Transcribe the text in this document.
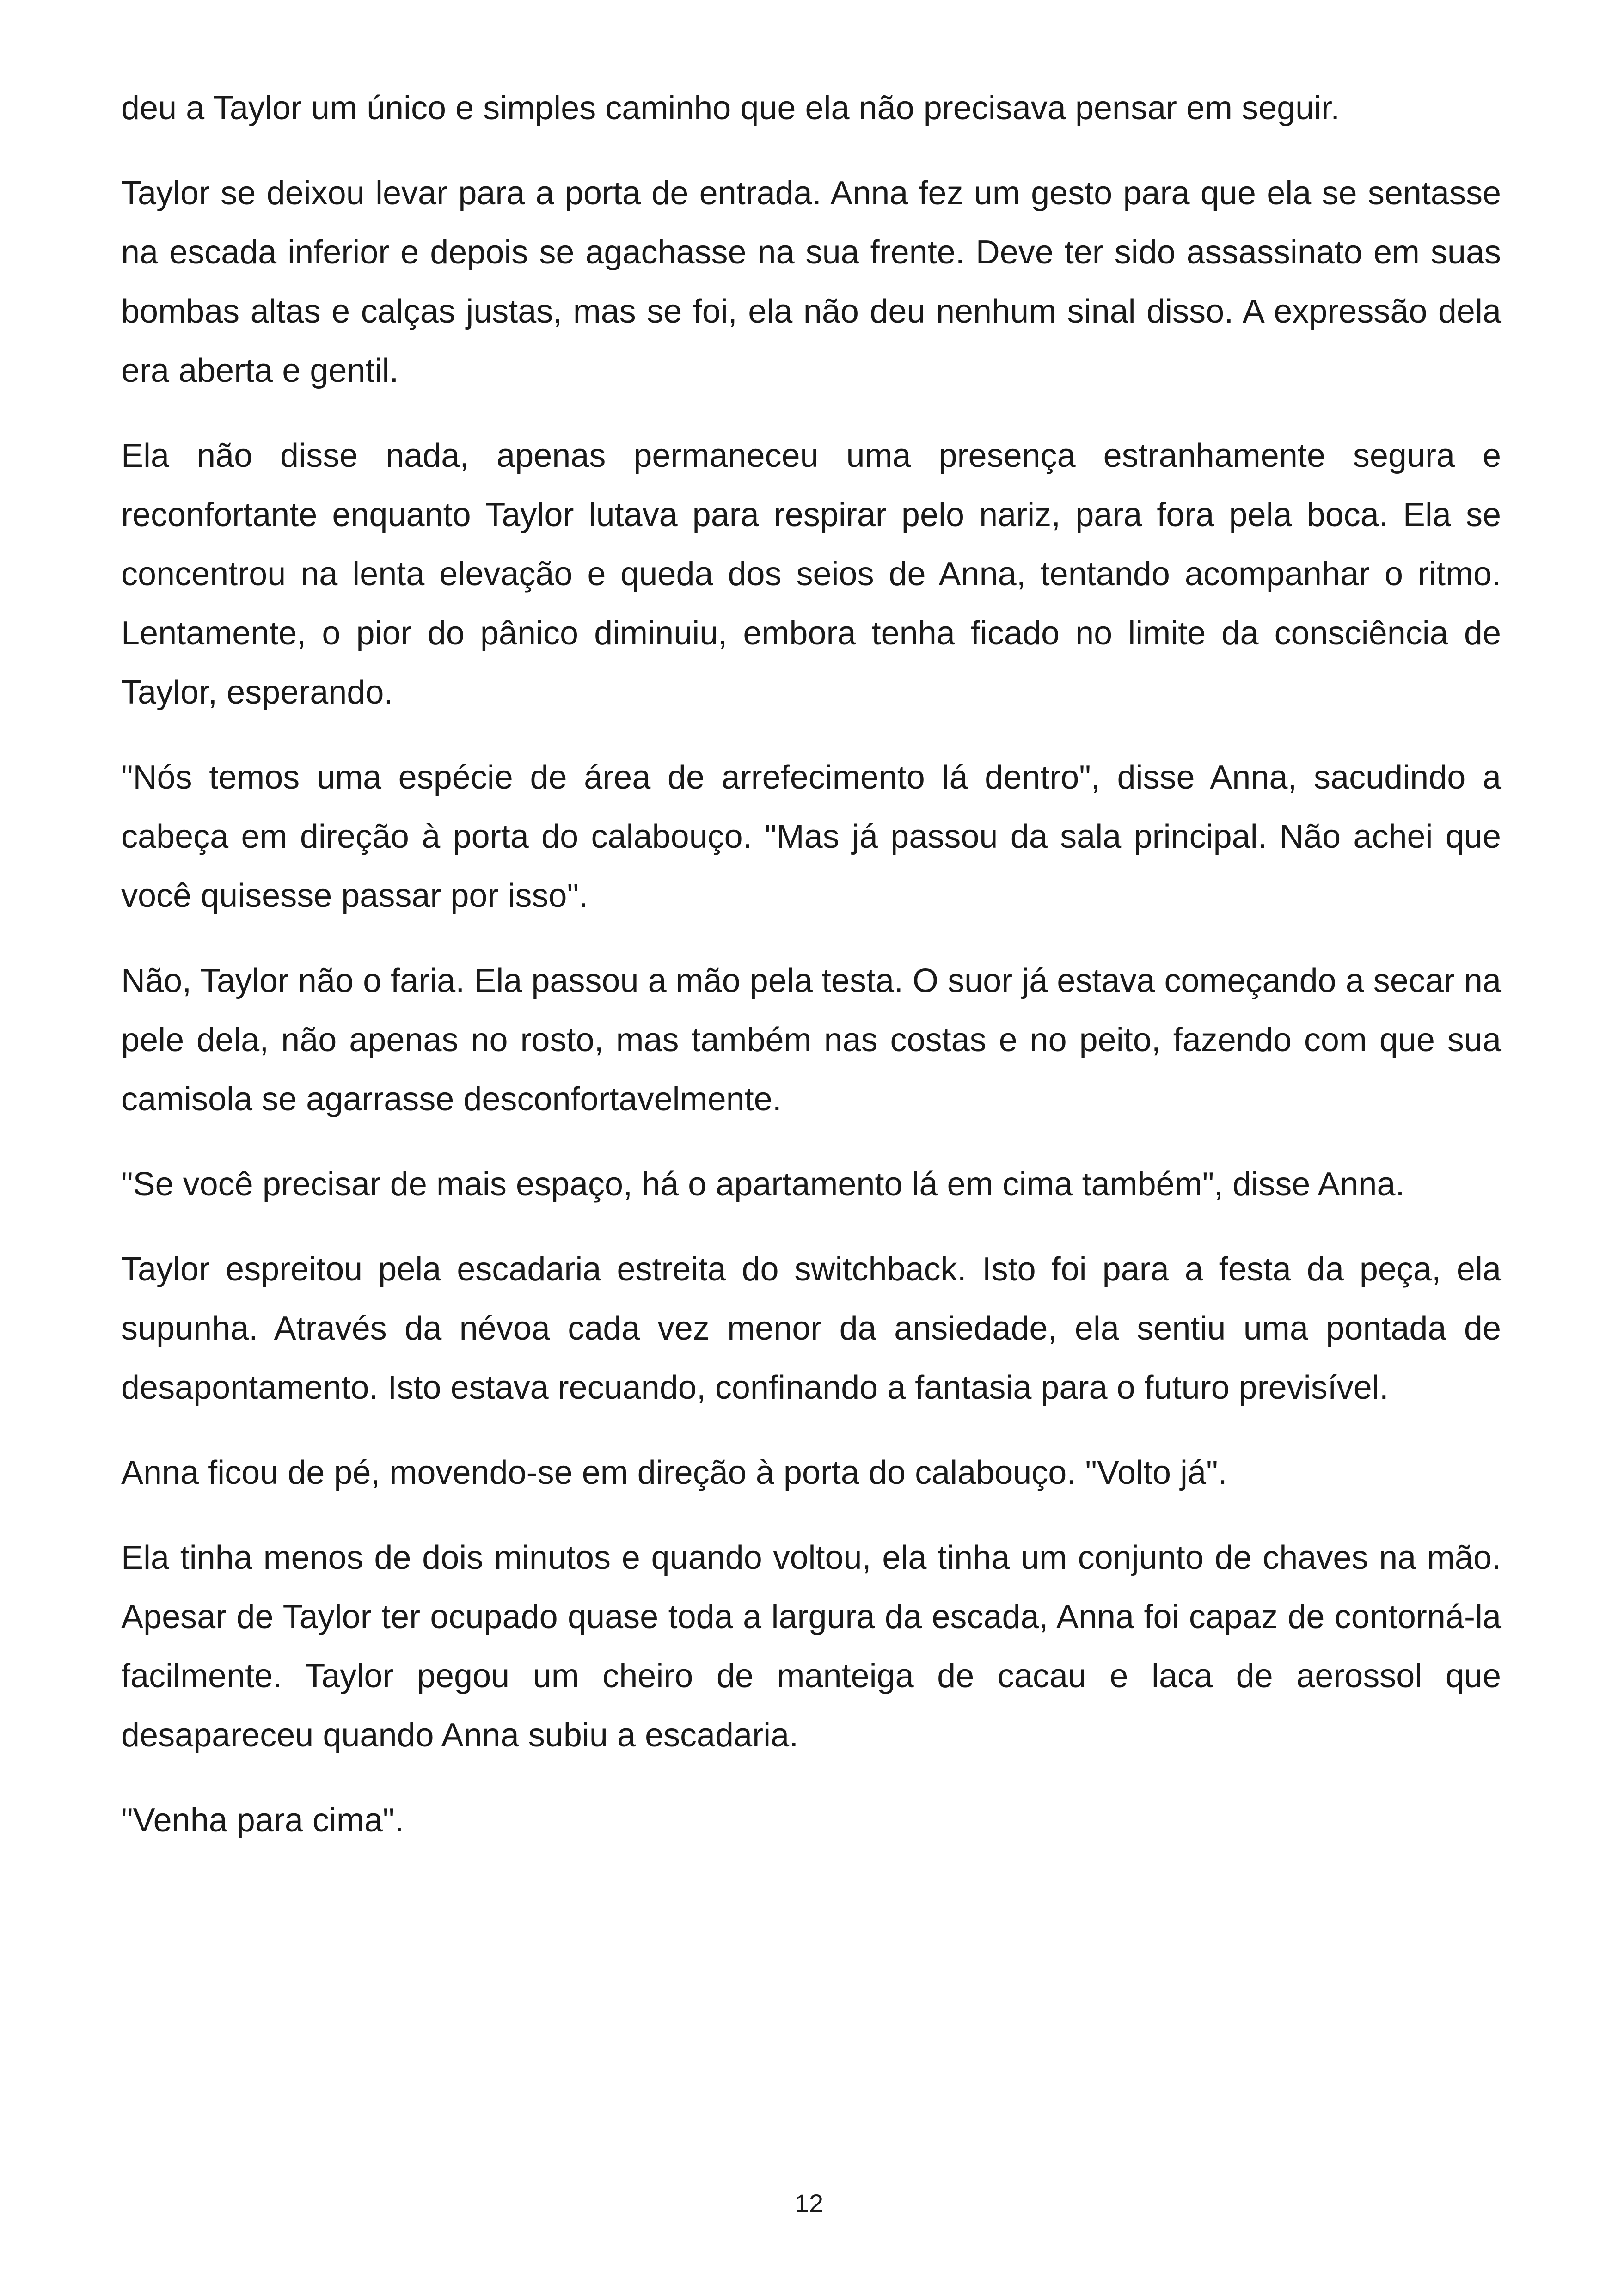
deu a Taylor um único e simples caminho que ela não precisava pensar em seguir.

Taylor se deixou levar para a porta de entrada. Anna fez um gesto para que ela se sentasse na escada inferior e depois se agachasse na sua frente. Deve ter sido assassinato em suas bombas altas e calças justas, mas se foi, ela não deu nenhum sinal disso. A expressão dela era aberta e gentil.

Ela não disse nada, apenas permaneceu uma presença estranhamente segura e reconfortante enquanto Taylor lutava para respirar pelo nariz, para fora pela boca. Ela se concentrou na lenta elevação e queda dos seios de Anna, tentando acompanhar o ritmo. Lentamente, o pior do pânico diminuiu, embora tenha ficado no limite da consciência de Taylor, esperando.

"Nós temos uma espécie de área de arrefecimento lá dentro", disse Anna, sacudindo a cabeça em direção à porta do calabouço. "Mas já passou da sala principal. Não achei que você quisesse passar por isso".

Não, Taylor não o faria. Ela passou a mão pela testa. O suor já estava começando a secar na pele dela, não apenas no rosto, mas também nas costas e no peito, fazendo com que sua camisola se agarrasse desconfortavelmente.

"Se você precisar de mais espaço, há o apartamento lá em cima também", disse Anna.

Taylor espreitou pela escadaria estreita do switchback. Isto foi para a festa da peça, ela supunha. Através da névoa cada vez menor da ansiedade, ela sentiu uma pontada de desapontamento. Isto estava recuando, confinando a fantasia para o futuro previsível.

Anna ficou de pé, movendo-se em direção à porta do calabouço. "Volto já".

Ela tinha menos de dois minutos e quando voltou, ela tinha um conjunto de chaves na mão. Apesar de Taylor ter ocupado quase toda a largura da escada, Anna foi capaz de contorná-la facilmente. Taylor pegou um cheiro de manteiga de cacau e laca de aerossol que desapareceu quando Anna subiu a escadaria.

"Venha para cima".

12
